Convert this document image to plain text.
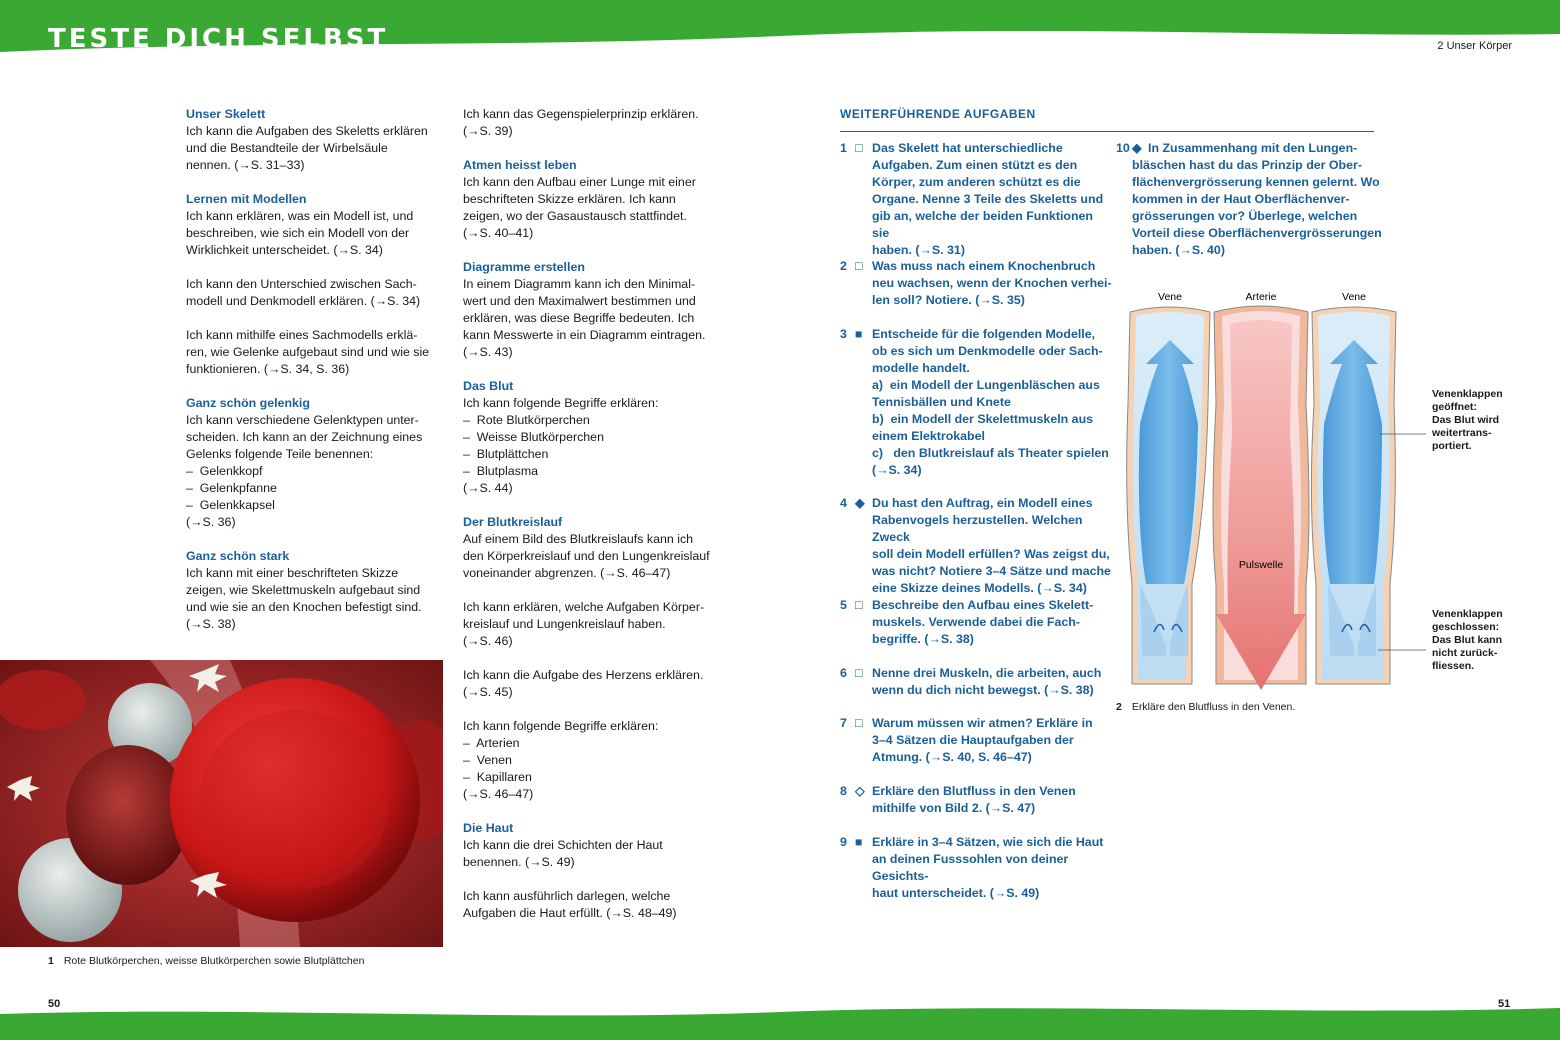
TESTE DICH SELBST	2 Unser Körper
Unser Skelett
Ich kann die Aufgaben des Skeletts erklären
und die Bestandteile der Wirbelsäule
nennen. (→S. 31–33)
Lernen mit Modellen
Ich kann erklären, was ein Modell ist, und
beschreiben, wie sich ein Modell von der
Wirklichkeit unterscheidet. (→S. 34)
Ich kann den Unterschied zwischen Sach-
modell und Denkmodell erklären. (→S. 34)
Ich kann mithilfe eines Sachmodells erklä-
ren, wie Gelenke aufgebaut sind und wie sie
funktionieren. (→S. 34, S. 36)
Ganz schön gelenkig
Ich kann verschiedene Gelenktypen unter-
scheiden. Ich kann an der Zeichnung eines
Gelenks folgende Teile benennen:
–  Gelenkkopf
–  Gelenkpfanne
–  Gelenkkapsel
(→S. 36)
Ganz schön stark
Ich kann mit einer beschrifteten Skizze
zeigen, wie Skelettmuskeln aufgebaut sind
und wie sie an den Knochen befestigt sind.
(→S. 38)
Ich kann das Gegenspielerprinzip erklären.
(→S. 39)
Atmen heisst leben
Ich kann den Aufbau einer Lunge mit einer
beschrifteten Skizze erklären. Ich kann
zeigen, wo der Gasaustausch stattfindet.
(→S. 40–41)
Diagramme erstellen
In einem Diagramm kann ich den Minimal-
wert und den Maximalwert bestimmen und
erklären, was diese Begriffe bedeuten. Ich
kann Messwerte in ein Diagramm eintragen.
(→S. 43)
Das Blut
Ich kann folgende Begriffe erklären:
–  Rote Blutkörperchen
–  Weisse Blutkörperchen
–  Blutplättchen
–  Blutplasma
(→S. 44)
Der Blutkreislauf
Auf einem Bild des Blutkreislaufs kann ich
den Körperkreislauf und den Lungenkreislauf
voneinander abgrenzen. (→S. 46–47)
Ich kann erklären, welche Aufgaben Körper-
kreislauf und Lungenkreislauf haben.
(→S. 46)
Ich kann die Aufgabe des Herzens erklären.
(→S. 45)
Ich kann folgende Begriffe erklären:
–  Arterien
–  Venen
–  Kapillaren
(→S. 46–47)
Die Haut
Ich kann die drei Schichten der Haut
benennen. (→S. 49)
Ich kann ausführlich darlegen, welche
Aufgaben die Haut erfüllt. (→S. 48–49)
1 Rote Blutkörperchen, weisse Blutkörperchen sowie Blutplättchen
50	51
WEITERFÜHRENDE AUFGABEN
1 □ Das Skelett hat unterschiedliche
Aufgaben. Zum einen stützt es den
Körper, zum anderen schützt es die
Organe. Nenne 3 Teile des Skeletts und
gib an, welche der beiden Funktionen sie
haben. (→S. 31)
2 □ Was muss nach einem Knochenbruch
neu wachsen, wenn der Knochen verhei-
len soll? Notiere. (→S. 35)
3 ■ Entscheide für die folgenden Modelle,
ob es sich um Denkmodelle oder Sach-
modelle handelt.
a)  ein Modell der Lungenbläschen aus
Tennisbällen und Knete
b)  ein Modell der Skelettmuskeln aus
einem Elektrokabel
c)   den Blutkreislauf als Theater spielen
(→S. 34)
4 ◆ Du hast den Auftrag, ein Modell eines
Rabenvogels herzustellen. Welchen Zweck
soll dein Modell erfüllen? Was zeigst du,
was nicht? Notiere 3–4 Sätze und mache
eine Skizze deines Modells. (→S. 34)
5 □ Beschreibe den Aufbau eines Skelett-
muskels. Verwende dabei die Fach-
begriffe. (→S. 38)
6 □ Nenne drei Muskeln, die arbeiten, auch
wenn du dich nicht bewegst. (→S. 38)
7 □ Warum müssen wir atmen? Erkläre in
3–4 Sätzen die Hauptaufgaben der
Atmung. (→S. 40, S. 46–47)
8 ◇ Erkläre den Blutfluss in den Venen
mithilfe von Bild 2. (→S. 47)
9 ■ Erkläre in 3–4 Sätzen, wie sich die Haut
an deinen Fusssohlen von deiner Gesichts-
haut unterscheidet. (→S. 49)
10 ◆ In Zusammenhang mit den Lungen-
bläschen hast du das Prinzip der Ober-
flächenvergrösserung kennen gelernt. Wo
kommen in der Haut Oberflächenver-
grösserungen vor? Überlege, welchen
Vorteil diese Oberflächenvergrösserungen
haben. (→S. 40)
Vene	Arterie	Vene
Pulswelle
Venenklappen
geöffnet:
Das Blut wird
weitertrans-
portiert.
Venenklappen
geschlossen:
Das Blut kann
nicht zurück-
fliessen.
2 Erkläre den Blutfluss in den Venen.
